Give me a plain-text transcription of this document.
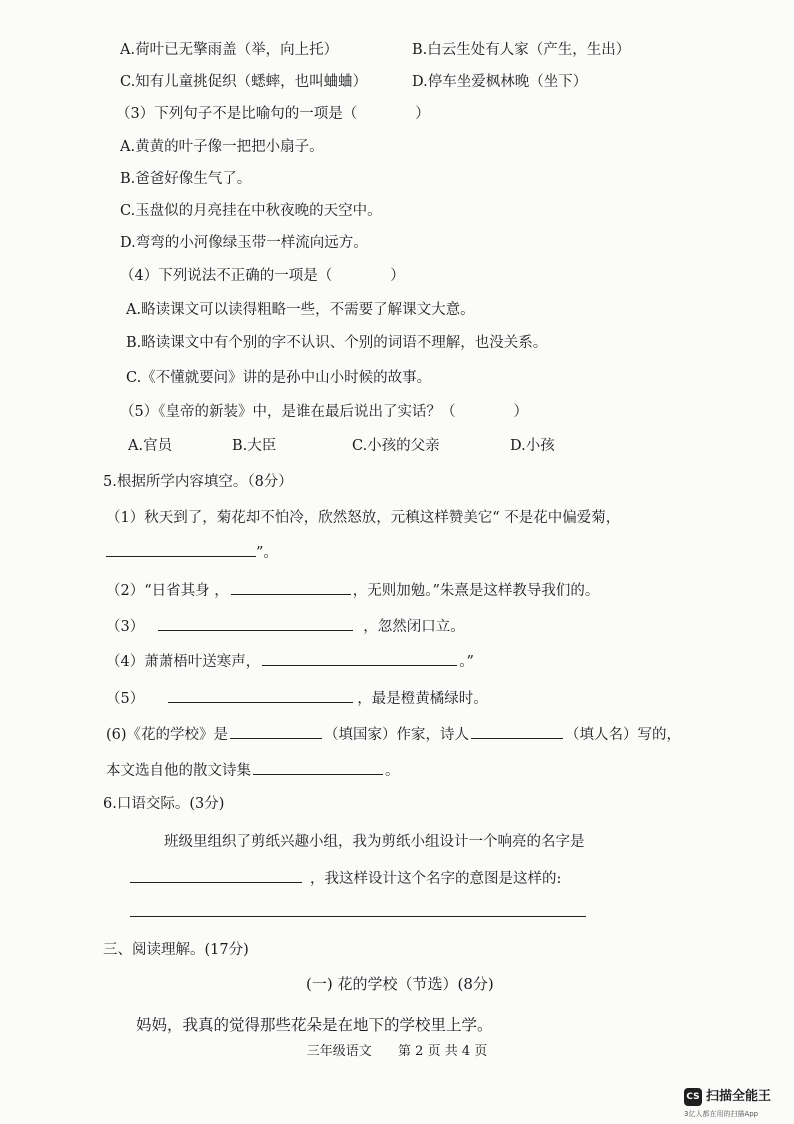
A.荷叶已无擎雨盖（举，向上托）	B.白云生处有人家（产生，生出）
C.知有儿童挑促织（蟋蟀，也叫蛐蛐）	D.停车坐爱枫林晚（坐下）
（3）下列句子不是比喻句的一项是（　　　　）
A.黄黄的叶子像一把把小扇子。
B.爸爸好像生气了。
C.玉盘似的月亮挂在中秋夜晚的天空中。
D.弯弯的小河像绿玉带一样流向远方。
（4）下列说法不正确的一项是（　　　　）
A.略读课文可以读得粗略一些，不需要了解课文大意。
B.略读课文中有个别的字不认识、个别的词语不理解，也没关系。
C.《不懂就要问》讲的是孙中山小时候的故事。
（5）《皇帝的新装》中，是谁在最后说出了实话？（　　　　）
A.官员	B.大臣	C.小孩的父亲	D.小孩
5.根据所学内容填空。（8分）
（1）秋天到了，菊花却不怕冷，欣然怒放，元稹这样赞美它“ 不是花中偏爱菊，
”。
（2）“日省其身 ，	，无则加勉。”朱熹是这样教导我们的。
（3）	，忽然闭口立。
（4）萧萧梧叶送寒声，	。”
（5）	，最是橙黄橘绿时。
(6)《花的学校》是	（填国家）作家，诗人	（填人名）写的，
本文选自他的散文诗集	。
6.口语交际。(3分)
班级里组织了剪纸兴趣小组，我为剪纸小组设计一个响亮的名字是
，我这样设计这个名字的意图是这样的:
三、阅读理解。(17分)
(一) 花的学校（节选）(8分)
妈妈，我真的觉得那些花朵是在地下的学校里上学。
三年级语文 第 2 页 共 4 页
CS 扫描全能王
3亿人都在用的扫描App
